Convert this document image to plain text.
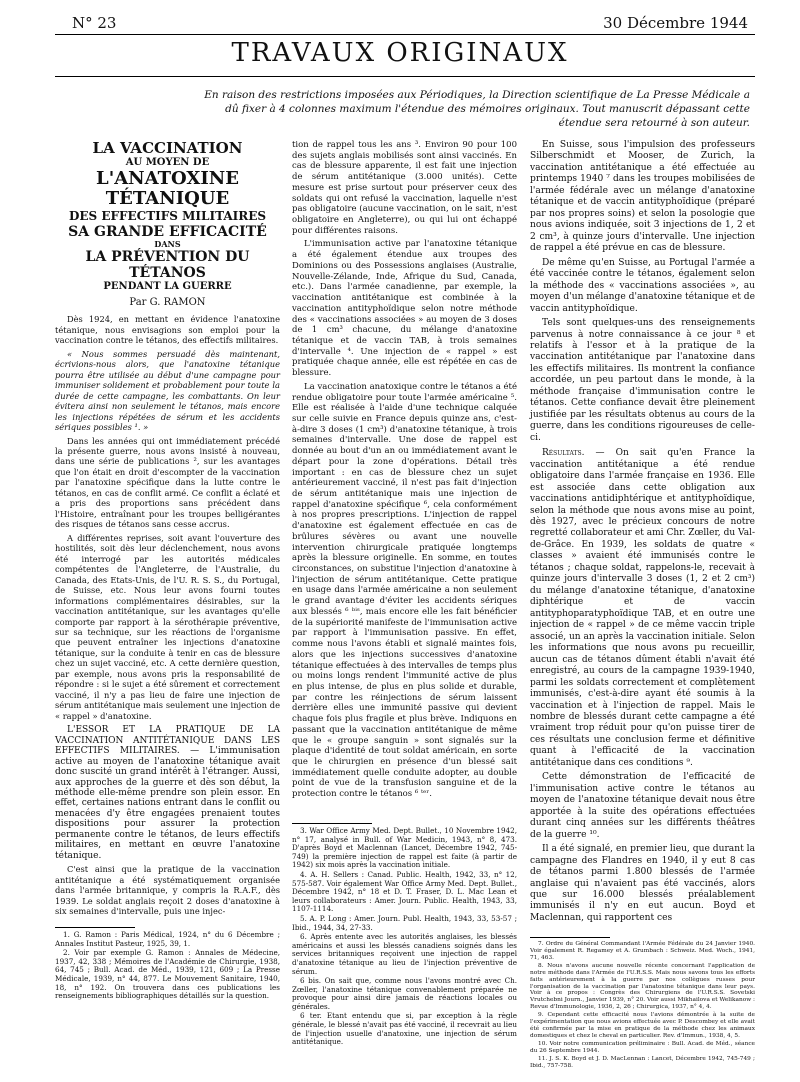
N° 23	30 Décembre 1944
TRAVAUX ORIGINAUX
En raison des restrictions imposées aux Périodiques, la Direction scientifique de La Presse Médicale a dû fixer à 4 colonnes maximum l'étendue des mémoires originaux. Tout manuscrit dépassant cette étendue sera retourné à son auteur.
LA VACCINATION
AU MOYEN DE
L'ANATOXINE TÉTANIQUE
DES EFFECTIFS MILITAIRES
SA GRANDE EFFICACITÉ
DANS
LA PRÉVENTION DU TÉTANOS
PENDANT LA GUERRE
Par G. RAMON

Dès 1924, en mettant en évidence l'anatoxine tétanique, nous envisagions son emploi pour la vaccination contre le tétanos, des effectifs militaires.

« Nous sommes persuadé dès maintenant, écrivions-nous alors, que l'anatoxine tétanique pourra être utilisée au début d'une campagne pour immuniser solidement et probablement pour toute la durée de cette campagne, les combattants. On leur évitera ainsi non seulement le tétanos, mais encore les injections répétées de sérum et les accidents sériques possibles ¹. »

Dans les années qui ont immédiatement précédé la présente guerre, nous avons insisté à nouveau, dans une série de publications ², sur les avantages que l'on était en droit d'escompter de la vaccination par l'anatoxine spécifique dans la lutte contre le tétanos, en cas de conflit armé. Ce conflit a éclaté et a pris des proportions sans précédent dans l'Histoire, entraînant pour les troupes belligérantes des risques de tétanos sans cesse accrus.

A différentes reprises, soit avant l'ouverture des hostilités, soit dès leur déclenchement, nous avons été interrogé par les autorités médicales compétentes de l'Angleterre, de l'Australie, du Canada, des Etats-Unis, de l'U. R. S. S., du Portugal, de Suisse, etc. Nous leur avons fourni toutes informations complémentaires désirables, sur la vaccination antitétanique, sur les avantages qu'elle comporte par rapport à la sérothérapie préventive, sur sa technique, sur les réactions de l'organisme que peuvent entraîner les injections d'anatoxine tétanique, sur la conduite à tenir en cas de blessure chez un sujet vacciné, etc. A cette dernière question, par exemple, nous avons pris la responsabilité de répondre : si le sujet a été sûrement et correctement vacciné, il n'y a pas lieu de faire une injection de sérum antitétanique mais seulement une injection de « rappel » d'anatoxine.

L'ESSOR ET LA PRATIQUE DE LA VACCINATION ANTITÉTANIQUE DANS LES EFFECTIFS MILITAIRES. — L'immunisation active au moyen de l'anatoxine tétanique avait donc suscité un grand intérêt à l'étranger. Aussi, aux approches de la guerre et dès son début, la méthode elle-même prendre son plein essor. En effet, certaines nations entrant dans le conflit ou menacées d'y être engagées prenaient toutes dispositions pour assurer la protection permanente contre le tétanos, de leurs effectifs militaires, en mettant en œuvre l'anatoxine tétanique.

C'est ainsi que la pratique de la vaccination antitétanique a été systématiquement organisée dans l'armée britannique, y compris la R.A.F., dès 1939. Le soldat anglais reçoit 2 doses d'anatoxine à six semaines d'intervalle, puis une injec-

1. G. Ramon : Paris Médical, 1924, n° du 6 Décembre ; Annales Institut Pasteur, 1925, 39, 1.

2. Voir par exemple G. Ramon : Annales de Médecine, 1937, 42, 338 ; Mémoires de l'Académie de Chirurgie, 1938, 64, 745 ; Bull. Acad. de Méd., 1939, 121, 609 ; La Presse Médicale, 1939, n° 44, 877. Le Mouvement Sanitaire, 1940, 18, n° 192. On trouvera dans ces publications les renseignements bibliographiques détaillés sur la question.

tion de rappel tous les ans ³. Environ 90 pour 100 des sujets anglais mobilisés sont ainsi vaccinés. En cas de blessure apparente, il est fait une injection de sérum antitétanique (3.000 unités). Cette mesure est prise surtout pour préserver ceux des soldats qui ont refusé la vaccination, laquelle n'est pas obligatoire (aucune vaccination, on le sait, n'est obligatoire en Angleterre), ou qui lui ont échappé pour différentes raisons.

L'immunisation active par l'anatoxine tétanique a été également étendue aux troupes des Dominions ou des Possessions anglaises (Australie, Nouvelle-Zélande, Inde, Afrique du Sud, Canada, etc.). Dans l'armée canadienne, par exemple, la vaccination antitétanique est combinée à la vaccination antityphoïdique selon notre méthode des « vaccinations associées » au moyen de 3 doses de 1 cm³ chacune, du mélange d'anatoxine tétanique et de vaccin TAB, à trois semaines d'intervalle ⁴. Une injection de « rappel » est pratiquée chaque année, elle est répétée en cas de blessure.

La vaccination anatoxique contre le tétanos a été rendue obligatoire pour toute l'armée américaine ⁵. Elle est réalisée à l'aide d'une technique calquée sur celle suivie en France depuis quinze ans, c'est-à-dire 3 doses (1 cm³) d'anatoxine tétanique, à trois semaines d'intervalle. Une dose de rappel est donnée au bout d'un an ou immédiatement avant le départ pour la zone d'opérations. Détail très important : en cas de blessure chez un sujet antérieurement vacciné, il n'est pas fait d'injection de sérum antitétanique mais une injection de rappel d'anatoxine spécifique ⁶, cela conformément à nos propres prescriptions. L'injection de rappel d'anatoxine est également effectuée en cas de brûlures sévères ou avant une nouvelle intervention chirurgicale pratiquée longtemps après la blessure originelle. En somme, en toutes circonstances, on substitue l'injection d'anatoxine à l'injection de sérum antitétanique. Cette pratique en usage dans l'armée américaine a non seulement le grand avantage d'éviter les accidents sériques aux blessés ⁶ ᵇⁱˢ, mais encore elle les fait bénéficier de la supériorité manifeste de l'immunisation active par rapport à l'immunisation passive. En effet, comme nous l'avons établi et signalé maintes fois, alors que les injections successives d'anatoxine tétanique effectuées à des intervalles de temps plus ou moins longs rendent l'immunité active de plus en plus intense, de plus en plus solide et durable, par contre les réinjections de sérum laissent derrière elles une immunité passive qui devient chaque fois plus fragile et plus brève. Indiquons en passant que la vaccination antitétanique de même que le « groupe sanguin » sont signalés sur la plaque d'identité de tout soldat américain, en sorte que le chirurgien en présence d'un blessé sait immédiatement quelle conduite adopter, au double point de vue de la transfusion sanguine et de la protection contre le tétanos ⁶ ᵗᵉʳ.

3. War Office Army Med. Dept. Bullet., 10 Novembre 1942, n° 17, analysé in Bull. of War Medicin, 1943, n° 8, 473. D'après Boyd et Maclennan (Lancet, Décembre 1942, 745-749) la première injection de rappel est faite (à partir de 1942) six mois après la vaccination initiale.

4. A. H. Sellers : Canad. Public. Health, 1942, 33, n° 12, 575-587. Voir également War Office Army Med. Dept. Bullet., Décembre 1942, n° 18 et D. T. Fraser, D. L. Mac Lean et leurs collaborateurs : Amer. Journ. Public. Health, 1943, 33, 1107-1114.

5. A. P. Long : Amer. Journ. Publ. Health, 1943, 33, 53-57 ; Ibid., 1944, 34, 27-33.

6. Après entente avec les autorités anglaises, les blessés américains et aussi les blessés canadiens soignés dans les services britanniques reçoivent une injection de rappel d'anatoxine tétanique au lieu de l'injection préventive de sérum.

6 bis. On sait que, comme nous l'avons montré avec Ch. Zœller, l'anatoxine tétanique convenablement préparée ne provoque pour ainsi dire jamais de réactions locales ou générales.

6 ter. Etant entendu que si, par exception à la règle générale, le blessé n'avait pas été vacciné, il recevrait au lieu de l'injection usuelle d'anatoxine, une injection de sérum antitétanique.

En Suisse, sous l'impulsion des professeurs Silberschmidt et Mooser, de Zurich, la vaccination antitétanique a été effectuée au printemps 1940 ⁷ dans les troupes mobilisées de l'armée fédérale avec un mélange d'anatoxine tétanique et de vaccin antityphoïdique (préparé par nos propres soins) et selon la posologie que nous avions indiquée, soit 3 injections de 1, 2 et 2 cm³, à quinze jours d'intervalle. Une injection de rappel a été prévue en cas de blessure.

De même qu'en Suisse, au Portugal l'armée a été vaccinée contre le tétanos, également selon la méthode des « vaccinations associées », au moyen d'un mélange d'anatoxine tétanique et de vaccin antityphoïdique.

Tels sont quelques-uns des renseignements parvenus à notre connaissance à ce jour ⁸ et relatifs à l'essor et à la pratique de la vaccination antitétanique par l'anatoxine dans les effectifs militaires. Ils montrent la confiance accordée, un peu partout dans le monde, à la méthode française d'immunisation contre le tétanos. Cette confiance devait être pleinement justifiée par les résultats obtenus au cours de la guerre, dans les conditions rigoureuses de celle-ci.

Résultats. — On sait qu'en France la vaccination antitétanique a été rendue obligatoire dans l'armée française en 1936. Elle est associée dans cette obligation aux vaccinations antidiphtérique et antityphoïdique, selon la méthode que nous avons mise au point, dès 1927, avec le précieux concours de notre regretté collaborateur et ami Chr. Zœller, du Val-de-Grâce. En 1939, les soldats de quatre « classes » avaient été immunisés contre le tétanos ; chaque soldat, rappelons-le, recevait à quinze jours d'intervalle 3 doses (1, 2 et 2 cm³) du mélange d'anatoxine tétanique, d'anatoxine diphtérique et de vaccin antityphoparatyphoïdique TAB, et en outre une injection de « rappel » de ce même vaccin triple associé, un an après la vaccination initiale. Selon les informations que nous avons pu recueillir, aucun cas de tétanos dûment établi n'avait été enregistré, au cours de la campagne 1939-1940, parmi les soldats correctement et complètement immunisés, c'est-à-dire ayant été soumis à la vaccination et à l'injection de rappel. Mais le nombre de blessés durant cette campagne a été vraiment trop réduit pour qu'on puisse tirer de ces résultats une conclusion ferme et définitive quant à l'efficacité de la vaccination antitétanique dans ces conditions ⁹.

Cette démonstration de l'efficacité de l'immunisation active contre le tétanos au moyen de l'anatoxine tétanique devait nous être apportée à la suite des opérations effectuées durant cinq années sur les différents théâtres de la guerre ¹⁰.

Il a été signalé, en premier lieu, que durant la campagne des Flandres en 1940, il y eut 8 cas de tétanos parmi 1.800 blessés de l'armée anglaise qui n'avaient pas été vaccinés, alors que sur 16.000 blessés préalablement immunisés il n'y en eut aucun. Boyd et Maclennan, qui rapportent ces

7. Ordre du Général Commandant l'Armée Fédérale du 24 Janvier 1940. Voir également R. Regamey et A. Grumbach : Schweiz. Med. Woch., 1941, 71, 463.

8. Nous n'avons aucune nouvelle récente concernant l'application de notre méthode dans l'Armée de l'U.R.S.S. Mais nous savons tous les efforts faits antérieurement à la guerre par nos collègues russes pour l'organisation de la vaccination par l'anatoxine tétanique dans leur pays. Voir à ce propos : Congrès des Chirurgiens de l'U.R.S.S. Sovetski Vrutchebni Journ., Janvier 1939, n° 20. Voir aussi Mikhailova et Welikanow : Revue d'Immunologie, 1936, 2, 26 ; Chirurgica, 1937, n° 4, 4.

9. Cependant cette efficacité nous l'avions démontrée à la suite de l'expérimentation que nous avions effectuée avec P. Descombey et elle avait été confirmée par la mise en pratique de la méthode chez les animaux domestiques et chez le cheval en particulier. Rev. d'Immun., 1938, 4, 5.

10. Voir notre communication préliminaire : Bull. Acad. de Méd., séance du 26 Septembre 1944.

11. J. S. K. Boyd et J. D. MacLennan : Lancet, Décembre 1942, 745-749 ; Ibid., 757-758.
